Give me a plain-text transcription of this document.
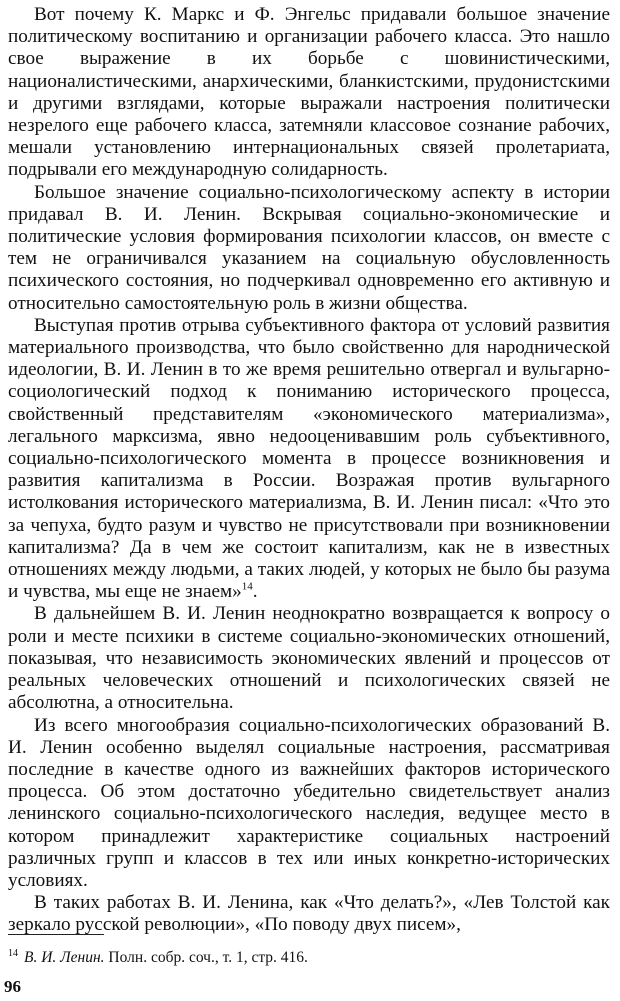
Вот почему К. Маркс и Ф. Энгельс придавали большое значение политическому воспитанию и организации рабочего класса. Это нашло свое выражение в их борьбе с шовинистическими, националистическими, анархическими, бланкистскими, прудонистскими и другими взглядами, которые выражали настроения политически незрелого еще рабочего класса, затемняли классовое сознание рабочих, мешали установлению интернациональных связей пролетариата, подрывали его международную солидарность.

Большое значение социально-психологическому аспекту в истории придавал В. И. Ленин. Вскрывая социально-экономические и политические условия формирования психологии классов, он вместе с тем не ограничивался указанием на социальную обусловленность психического состояния, но подчеркивал одновременно его активную и относительно самостоятельную роль в жизни общества.

Выступая против отрыва субъективного фактора от условий развития материального производства, что было свойственно для народнической идеологии, В. И. Ленин в то же время решительно отвергал и вульгарно-социологический подход к пониманию исторического процесса, свойственный представителям «экономического материализма», легального марксизма, явно недооценивавшим роль субъективного, социально-психологического момента в процессе возникновения и развития капитализма в России. Возражая против вульгарного истолкования исторического материализма, В. И. Ленин писал: «Что это за чепуха, будто разум и чувство не присутствовали при возникновении капитализма? Да в чем же состоит капитализм, как не в известных отношениях между людьми, а таких людей, у которых не было бы разума и чувства, мы еще не знаем»$^{14}$.

В дальнейшем В. И. Ленин неоднократно возвращается к вопросу о роли и месте психики в системе социально-экономических отношений, показывая, что независимость экономических явлений и процессов от реальных человеческих отношений и психологических связей не абсолютна, а относительна.

Из всего многообразия социально-психологических образований В. И. Ленин особенно выделял социальные настроения, рассматривая последние в качестве одного из важнейших факторов исторического процесса. Об этом достаточно убедительно свидетельствует анализ ленинского социально-психологического наследия, ведущее место в котором принадлежит характеристике социальных настроений различных групп и классов в тех или иных конкретно-исторических условиях.

В таких работах В. И. Ленина, как «Что делать?», «Лев Толстой как зеркало русской революции», «По поводу двух писем»,

$^{14}$ В. И. Ленин. Полн. собр. соч., т. 1, стр. 416.
96
